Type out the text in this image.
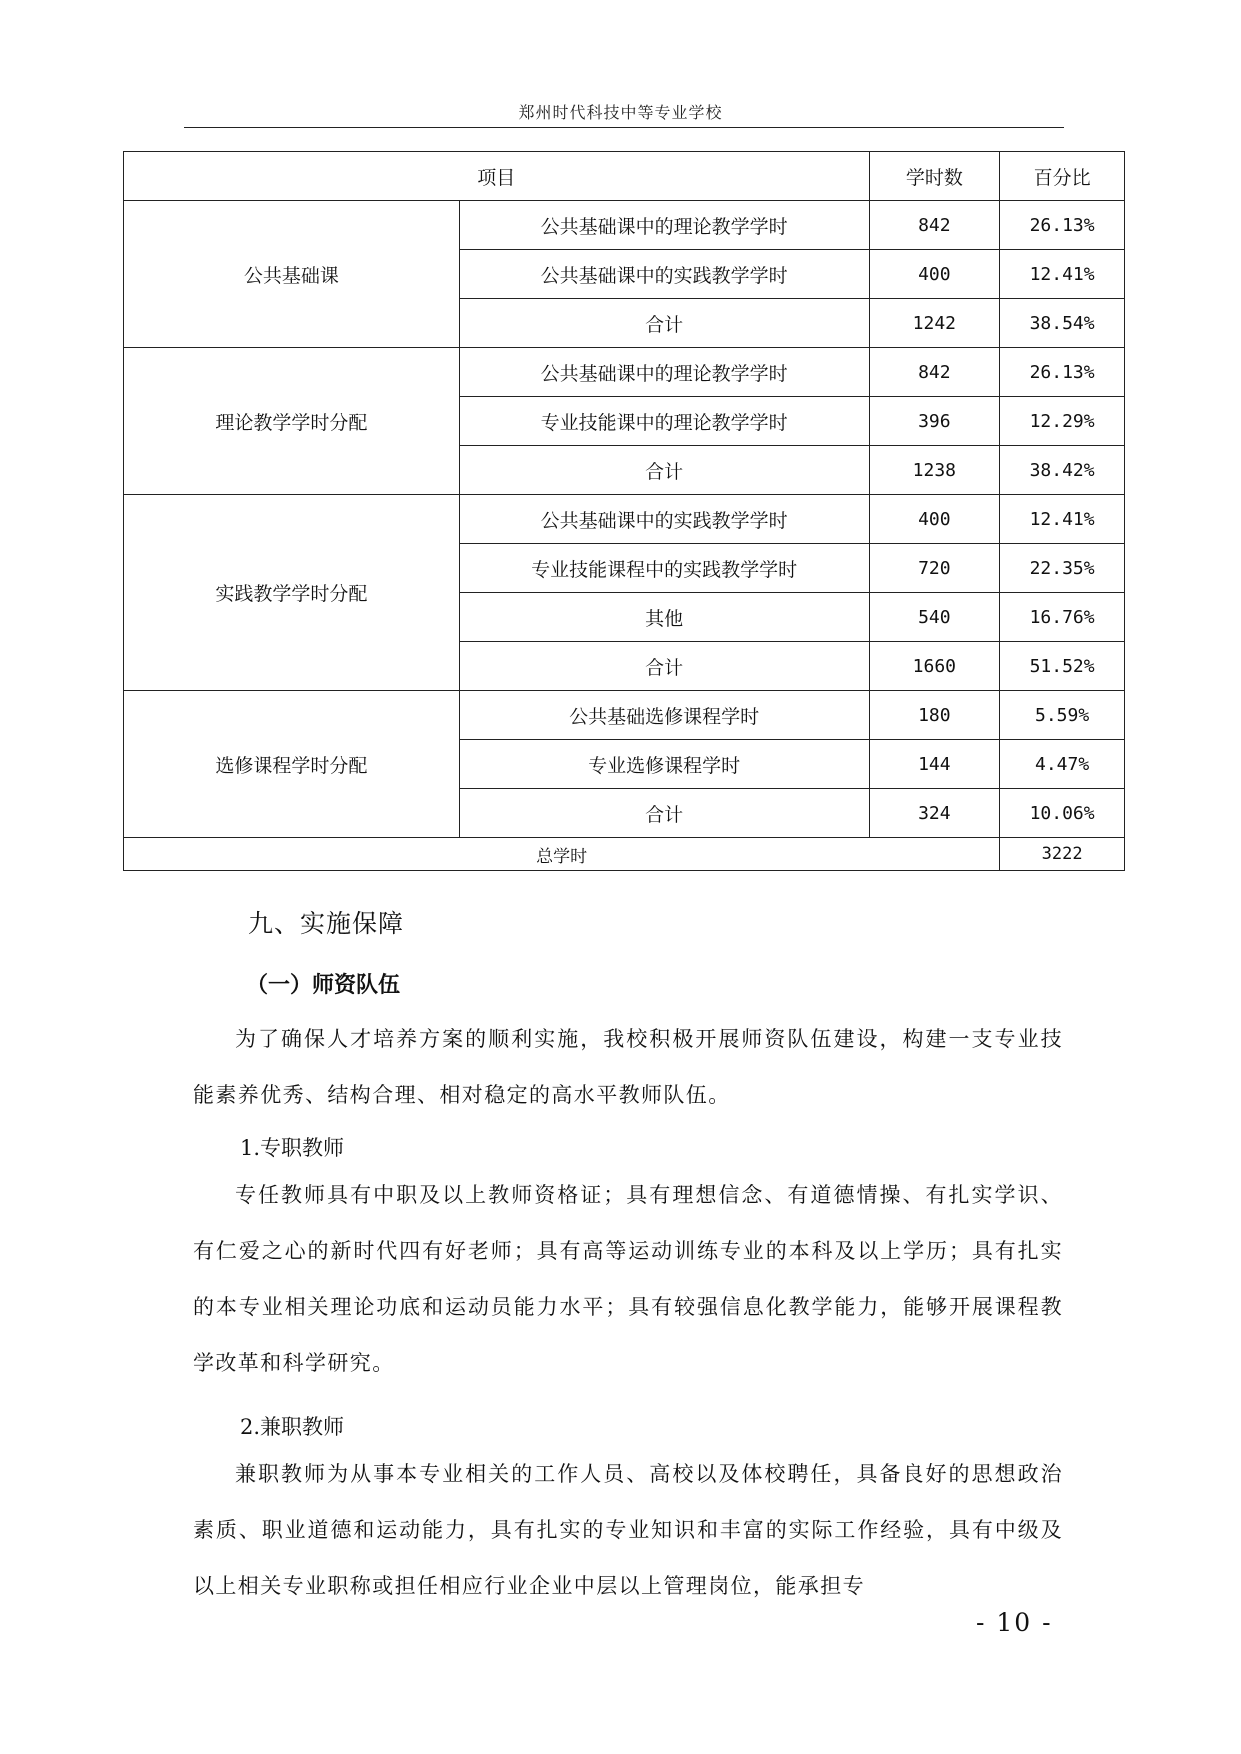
郑州时代科技中等专业学校
项目		学时数	百分比
公共基础课	公共基础课中的理论教学学时	842	26.13%
	公共基础课中的实践教学学时	400	12.41%
	合计	1242	38.54%
理论教学学时分配	公共基础课中的理论教学学时	842	26.13%
	专业技能课中的理论教学学时	396	12.29%
	合计	1238	38.42%
实践教学学时分配	公共基础课中的实践教学学时	400	12.41%
	专业技能课程中的实践教学学时	720	22.35%
	其他	540	16.76%
	合计	1660	51.52%
选修课程学时分配	公共基础选修课程学时	180	5.59%
	专业选修课程学时	144	4.47%
	合计	324	10.06%
总学时			3222
九、实施保障
（一）师资队伍

为了确保人才培养方案的顺利实施，我校积极开展师资队伍建设，构建一支专业技能素养优秀、结构合理、相对稳定的高水平教师队伍。

1.专职教师

专任教师具有中职及以上教师资格证；具有理想信念、有道德情操、有扎实学识、有仁爱之心的新时代四有好老师；具有高等运动训练专业的本科及以上学历；具有扎实的本专业相关理论功底和运动员能力水平；具有较强信息化教学能力，能够开展课程教学改革和科学研究。

2.兼职教师

兼职教师为从事本专业相关的工作人员、高校以及体校聘任，具备良好的思想政治素质、职业道德和运动能力，具有扎实的专业知识和丰富的实际工作经验，具有中级及以上相关专业职称或担任相应行业企业中层以上管理岗位，能承担专

- 10 -
